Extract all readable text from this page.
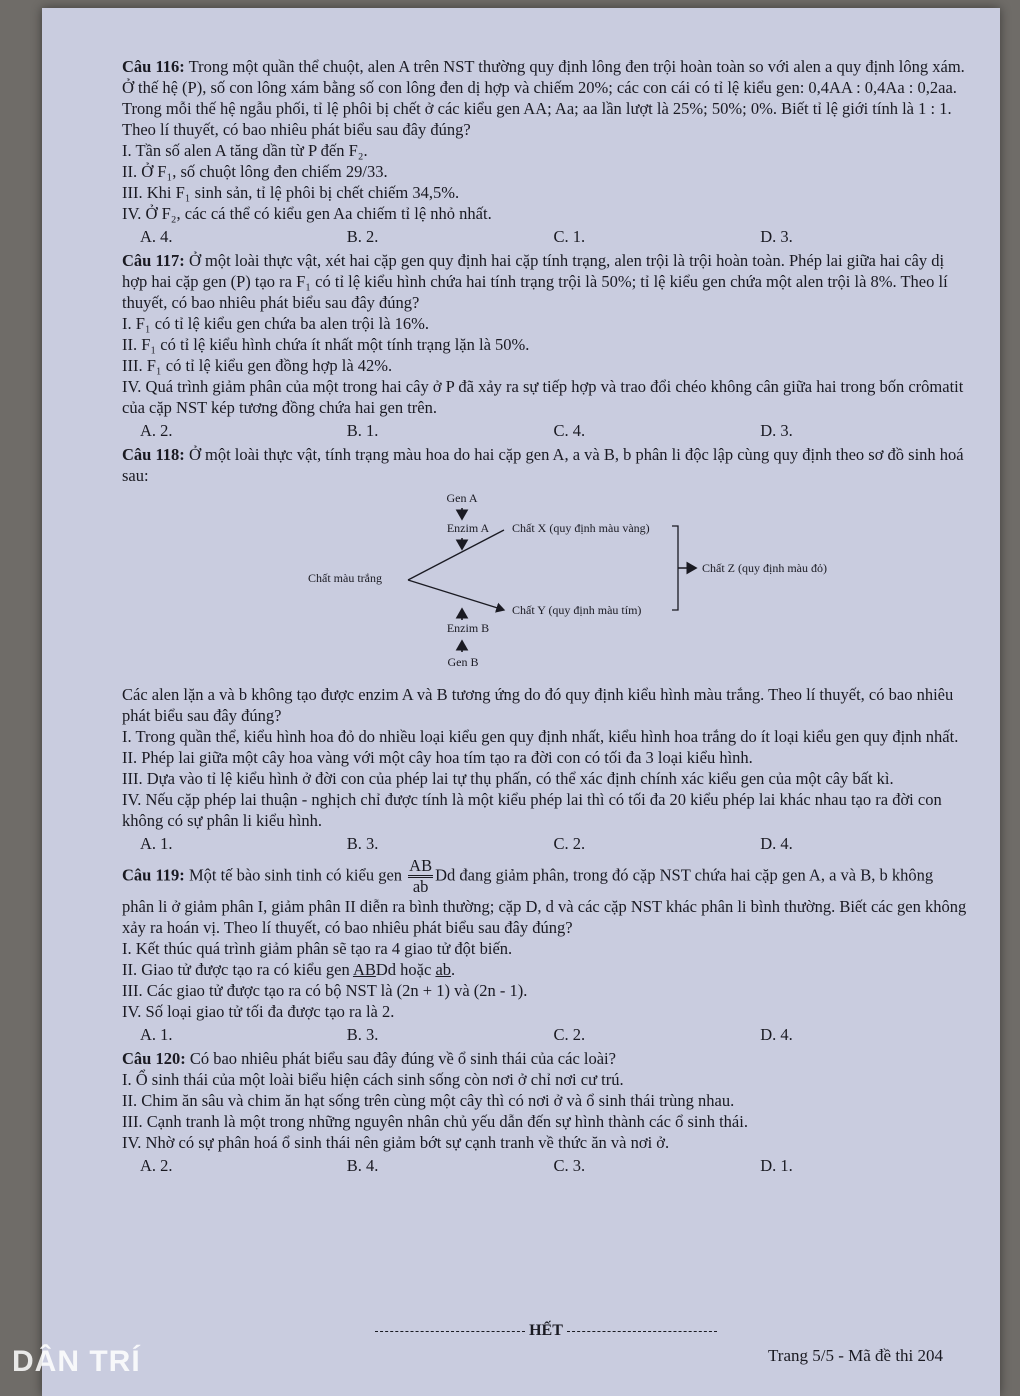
Câu 116: Trong một quần thể chuột, alen A trên NST thường quy định lông đen trội hoàn toàn so với alen a quy định lông xám. Ở thế hệ (P), số con lông xám bằng số con lông đen dị hợp và chiếm 20%; các con cái có tỉ lệ kiểu gen: 0,4AA : 0,4Aa : 0,2aa. Trong mỗi thế hệ ngẫu phối, tỉ lệ phôi bị chết ở các kiểu gen AA; Aa; aa lần lượt là 25%; 50%; 0%. Biết tỉ lệ giới tính là 1 : 1. Theo lí thuyết, có bao nhiêu phát biểu sau đây đúng?

I. Tần số alen A tăng dần từ P đến F₂.

II. Ở F₁, số chuột lông đen chiếm 29/33.

III. Khi F₁ sinh sản, tỉ lệ phôi bị chết chiếm 34,5%.

IV. Ở F₂, các cá thể có kiểu gen Aa chiếm tỉ lệ nhỏ nhất.

A. 4.	B. 2.	C. 1.	D. 3.

Câu 117: Ở một loài thực vật, xét hai cặp gen quy định hai cặp tính trạng, alen trội là trội hoàn toàn. Phép lai giữa hai cây dị hợp hai cặp gen (P) tạo ra F₁ có tỉ lệ kiểu hình chứa hai tính trạng trội là 50%; tỉ lệ kiểu gen chứa một alen trội là 8%. Theo lí thuyết, có bao nhiêu phát biểu sau đây đúng?

I. F₁ có tỉ lệ kiểu gen chứa ba alen trội là 16%.

II. F₁ có tỉ lệ kiểu hình chứa ít nhất một tính trạng lặn là 50%.

III. F₁ có tỉ lệ kiểu gen đồng hợp là 42%.

IV. Quá trình giảm phân của một trong hai cây ở P đã xảy ra sự tiếp hợp và trao đổi chéo không cân giữa hai trong bốn crômatit của cặp NST kép tương đồng chứa hai gen trên.

A. 2.	B. 1.	C. 4.	D. 3.

Câu 118: Ở một loài thực vật, tính trạng màu hoa do hai cặp gen A, a và B, b phân li độc lập cùng quy định theo sơ đồ sinh hoá sau:

Gen A
Enzim A Chất X (quy định màu vàng)
Chất màu trắng
Chất Y (quy định màu tím)
Chất Z (quy định màu đỏ)
Enzim B
Gen B

Các alen lặn a và b không tạo được enzim A và B tương ứng do đó quy định kiểu hình màu trắng. Theo lí thuyết, có bao nhiêu phát biểu sau đây đúng?

I. Trong quần thể, kiểu hình hoa đỏ do nhiều loại kiểu gen quy định nhất, kiểu hình hoa trắng do ít loại kiểu gen quy định nhất.

II. Phép lai giữa một cây hoa vàng với một cây hoa tím tạo ra đời con có tối đa 3 loại kiểu hình.

III. Dựa vào tỉ lệ kiểu hình ở đời con của phép lai tự thụ phấn, có thể xác định chính xác kiểu gen của một cây bất kì.

IV. Nếu cặp phép lai thuận - nghịch chỉ được tính là một kiểu phép lai thì có tối đa 20 kiểu phép lai khác nhau tạo ra đời con không có sự phân li kiểu hình.

A. 1.	B. 3.	C. 2.	D. 4.

Câu 119: Một tế bào sinh tinh có kiểu gen $\frac{AB}{ab}$ Dd đang giảm phân, trong đó cặp NST chứa hai cặp gen A, a và B, b không phân li ở giảm phân I, giảm phân II diễn ra bình thường; cặp D, d và các cặp NST khác phân li bình thường. Biết các gen không xảy ra hoán vị. Theo lí thuyết, có bao nhiêu phát biểu sau đây đúng?

I. Kết thúc quá trình giảm phân sẽ tạo ra 4 giao tử đột biến.

II. Giao tử được tạo ra có kiểu gen ABDd hoặc ab.

III. Các giao tử được tạo ra có bộ NST là (2n + 1) và (2n - 1).

IV. Số loại giao tử tối đa được tạo ra là 2.

A. 1.	B. 3.	C. 2.	D. 4.

Câu 120: Có bao nhiêu phát biểu sau đây đúng về ổ sinh thái của các loài?

I. Ổ sinh thái của một loài biểu hiện cách sinh sống còn nơi ở chỉ nơi cư trú.

II. Chim ăn sâu và chim ăn hạt sống trên cùng một cây thì có nơi ở và ổ sinh thái trùng nhau.

III. Cạnh tranh là một trong những nguyên nhân chủ yếu dẫn đến sự hình thành các ổ sinh thái.

IV. Nhờ có sự phân hoá ổ sinh thái nên giảm bớt sự cạnh tranh về thức ăn và nơi ở.

A. 2.	B. 4.	C. 3.	D. 1.
HẾT
Trang 5/5 - Mã đề thi 204
DÂN TRÍ
